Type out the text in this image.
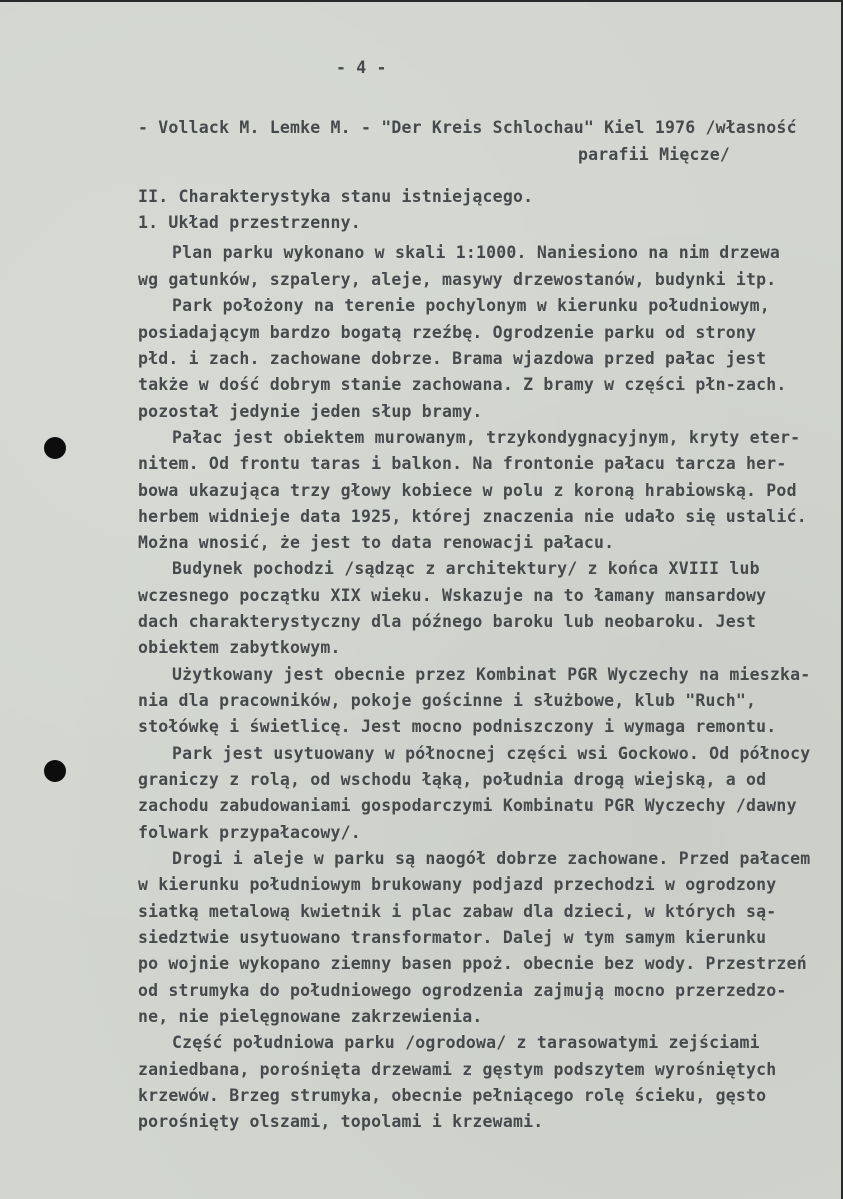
- 4 -
- Vollack M. Lemke M. - "Der Kreis Schlochau" Kiel 1976 /własność
parafii Mięcze/
II. Charakterystyka stanu istniejącego.
1. Układ przestrzenny.
Plan parku wykonano w skali 1:1000. Naniesiono na nim drzewa
wg gatunków, szpalery, aleje, masywy drzewostanów, budynki itp.
Park położony na terenie pochylonym w kierunku południowym,
posiadającym bardzo bogatą rzeźbę. Ogrodzenie parku od strony
płd. i zach. zachowane dobrze. Brama wjazdowa przed pałac jest
także w dość dobrym stanie zachowana. Z bramy w części płn-zach.
pozostał jedynie jeden słup bramy.
Pałac jest obiektem murowanym, trzykondygnacyjnym, kryty eter-
nitem. Od frontu taras i balkon. Na frontonie pałacu tarcza her-
bowa ukazująca trzy głowy kobiece w polu z koroną hrabiowską. Pod
herbem widnieje data 1925, której znaczenia nie udało się ustalić.
Można wnosić, że jest to data renowacji pałacu.
Budynek pochodzi /sądząc z architektury/ z końca XVIII lub
wczesnego początku XIX wieku. Wskazuje na to łamany mansardowy
dach charakterystyczny dla późnego baroku lub neobaroku. Jest
obiektem zabytkowym.
Użytkowany jest obecnie przez Kombinat PGR Wyczechy na mieszka-
nia dla pracowników, pokoje gościnne i służbowe, klub "Ruch",
stołówkę i świetlicę. Jest mocno podniszczony i wymaga remontu.
Park jest usytuowany w północnej części wsi Gockowo. Od północy
graniczy z rolą, od wschodu łąką, południa drogą wiejską, a od
zachodu zabudowaniami gospodarczymi Kombinatu PGR Wyczechy /dawny
folwark przypałacowy/.
Drogi i aleje w parku są naogół dobrze zachowane. Przed pałacem
w kierunku południowym brukowany podjazd przechodzi w ogrodzony
siatką metalową kwietnik i plac zabaw dla dzieci, w których są-
siedztwie usytuowano transformator. Dalej w tym samym kierunku
po wojnie wykopano ziemny basen ppoż. obecnie bez wody. Przestrzeń
od strumyka do południowego ogrodzenia zajmują mocno przerzedzo-
ne, nie pielęgnowane zakrzewienia.
Część południowa parku /ogrodowa/ z tarasowatymi zejściami
zaniedbana, porośnięta drzewami z gęstym podszytem wyrośniętych
krzewów. Brzeg strumyka, obecnie pełniącego rolę ścieku, gęsto
porośnięty olszami, topolami i krzewami.
